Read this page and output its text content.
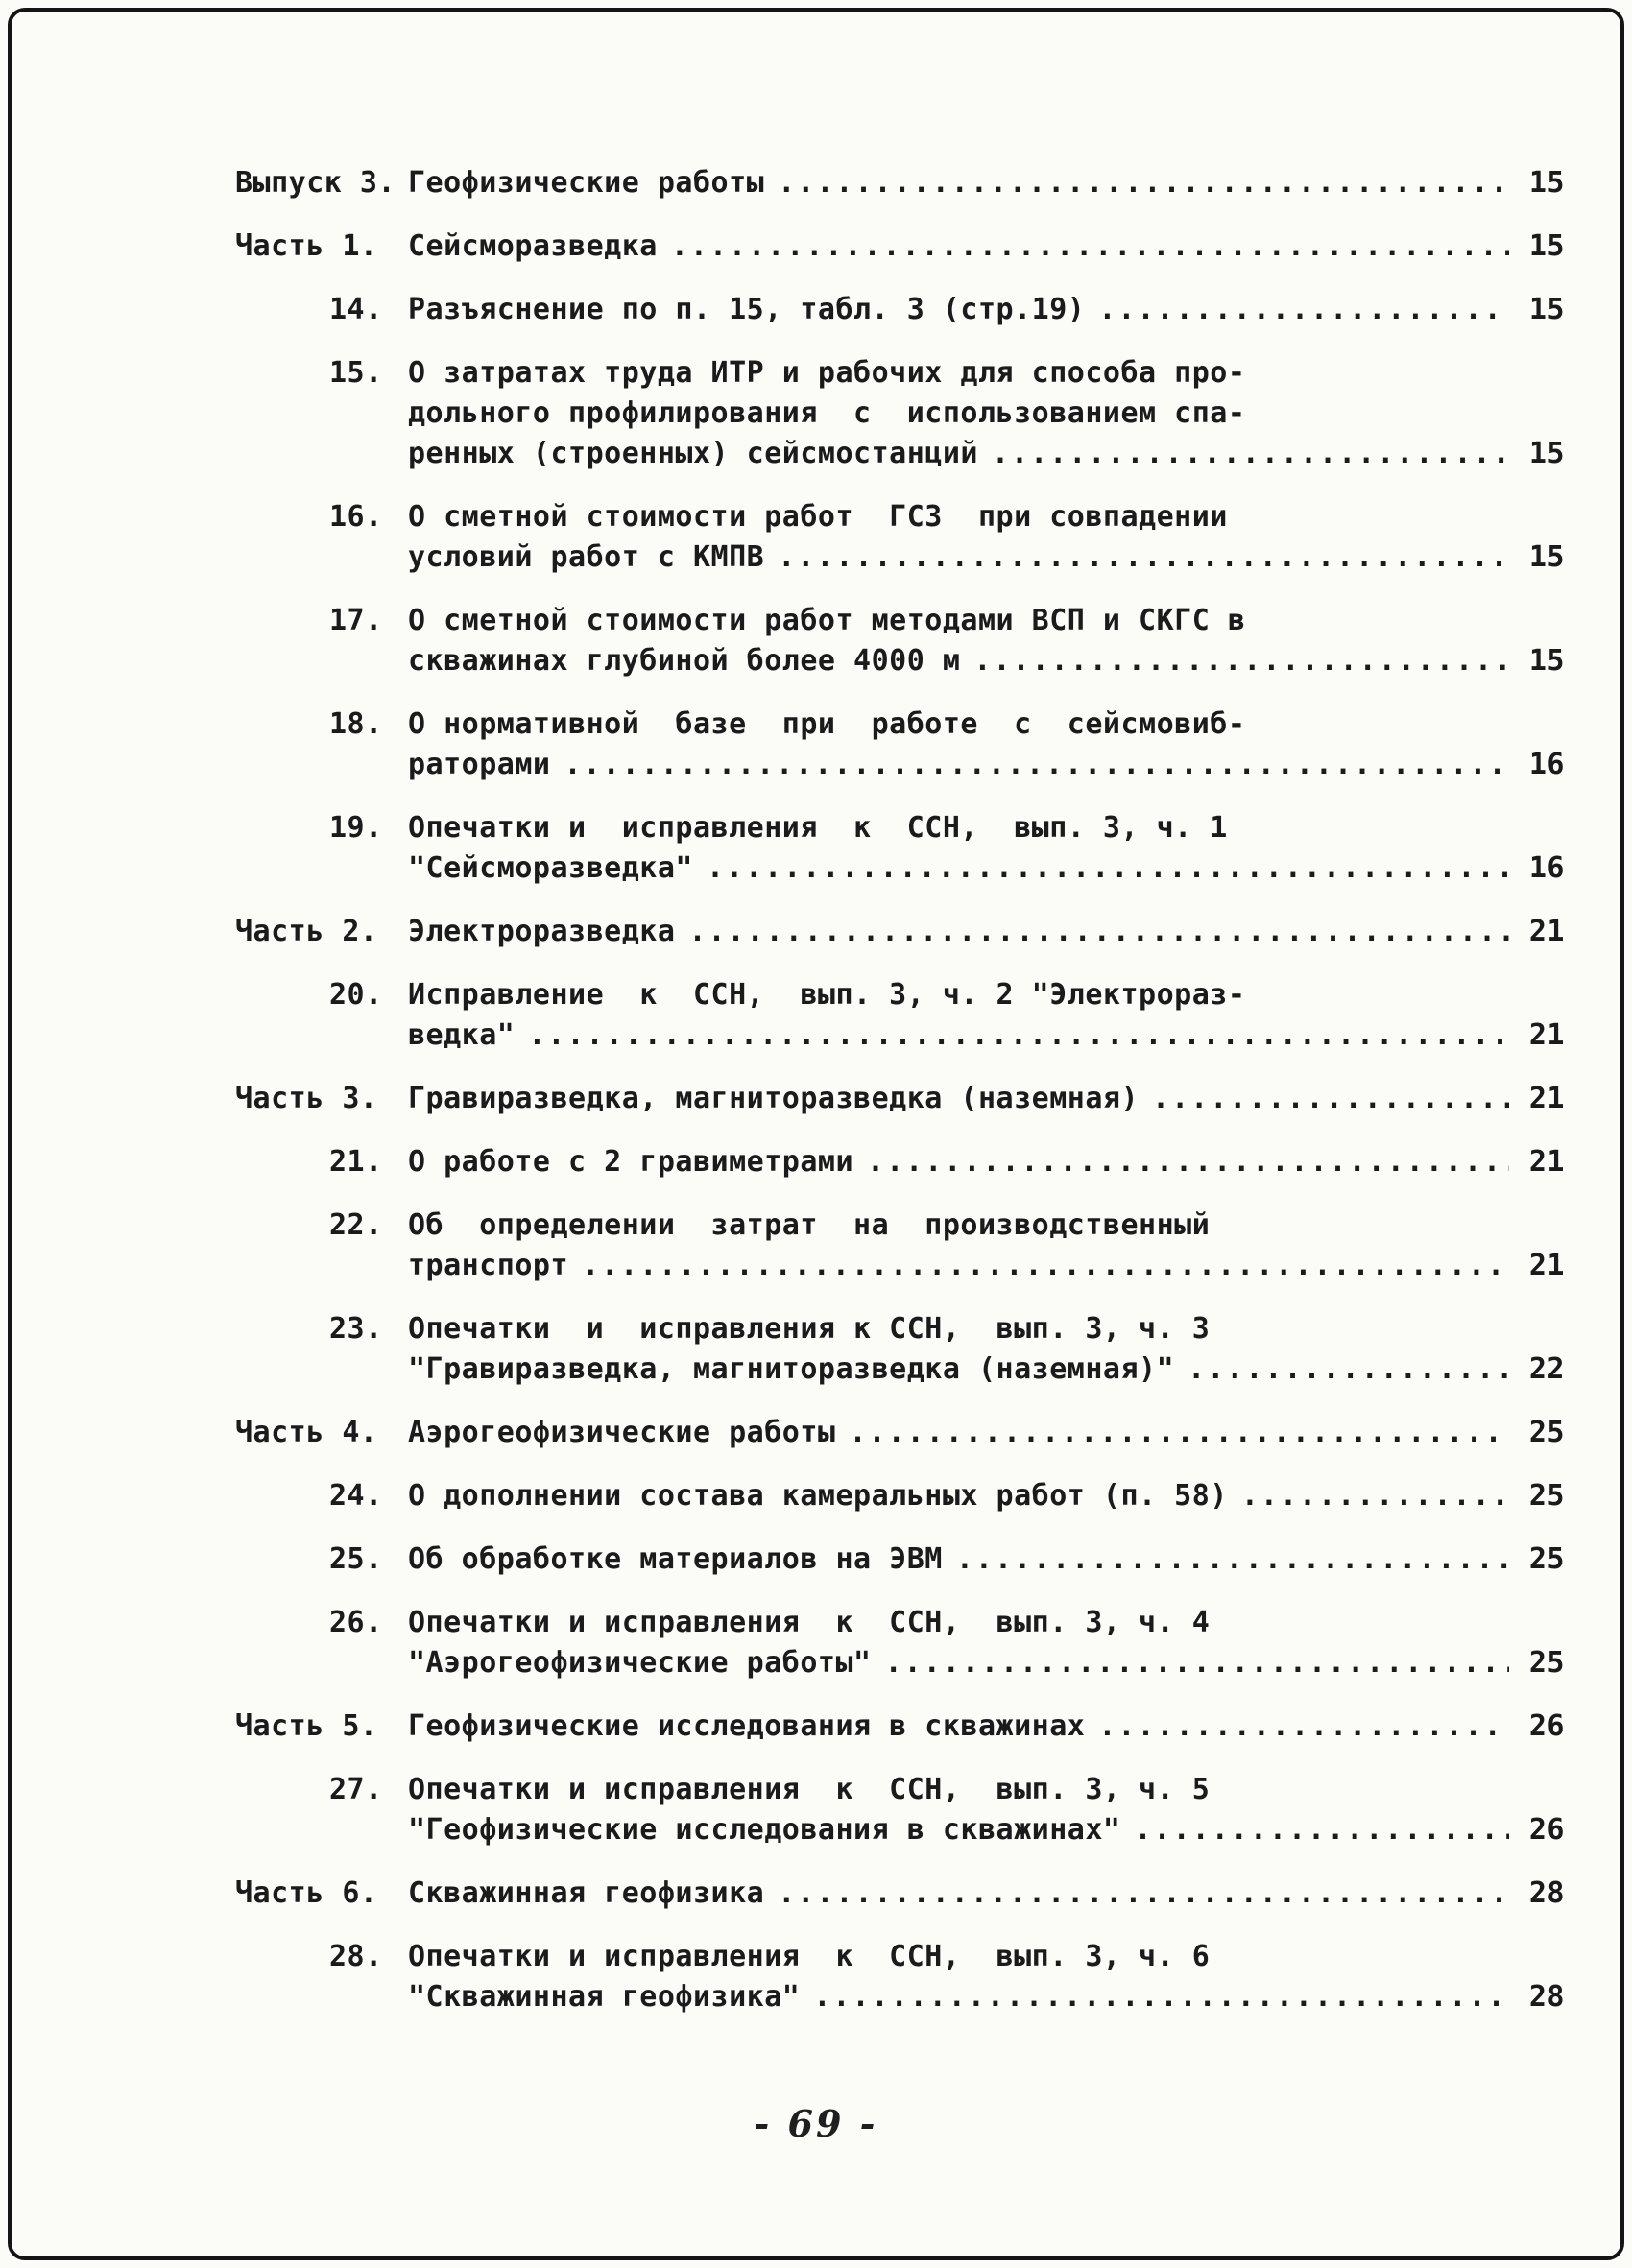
Выпуск 3. Геофизические работы .....	15
Часть 1. Сейсморазведка .....	15
14. Разъяснение по п. 15, табл. 3 (стр.19) .....	15
15. О затратах труда ИТР и рабочих для способа про-
дольного профилирования  с  использованием спа-
ренных (строенных) сейсмостанций .....	15
16. О сметной стоимости работ  ГСЗ  при совпадении
условий работ с КМПВ .....	15
17. О сметной стоимости работ методами ВСП и СКГС в
скважинах глубиной более 4000 м .....	15
18. О нормативной  базе  при  работе  с  сейсмовиб-
раторами .....	16
19. Опечатки и  исправления  к  ССН,  вып. 3, ч. 1
"Сейсморазведка" .....	16
Часть 2. Электроразведка .....	21
20. Исправление  к  ССН,  вып. 3, ч. 2 "Электрораз-
ведка" .....	21
Часть 3. Гравиразведка, магниторазведка (наземная) .....	21
21. О работе с 2 гравиметрами .....	21
22. Об  определении  затрат  на  производственный
транспорт .....	21
23. Опечатки  и  исправления к ССН,  вып. 3, ч. 3
"Гравиразведка, магниторазведка (наземная)" .....	22
Часть 4. Аэрогеофизические работы .....	25
24. О дополнении состава камеральных работ (п. 58) .....	25
25. Об обработке материалов на ЭВМ .....	25
26. Опечатки и исправления  к  ССН,  вып. 3, ч. 4
"Аэрогеофизические работы" .....	25
Часть 5. Геофизические исследования в скважинах .....	26
27. Опечатки и исправления  к  ССН,  вып. 3, ч. 5
"Геофизические исследования в скважинах" .....	26
Часть 6. Скважинная геофизика .....	28
28. Опечатки и исправления  к  ССН,  вып. 3, ч. 6
"Скважинная геофизика" .....	28
- 69 -
